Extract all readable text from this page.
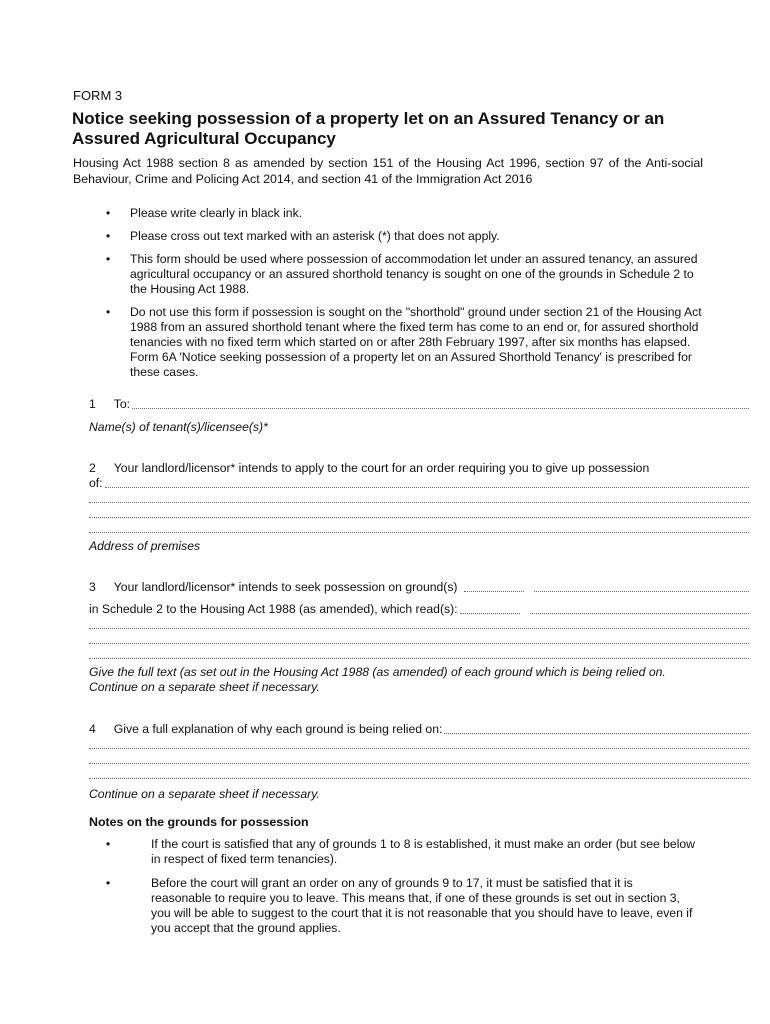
FORM 3
Notice seeking possession of a property let on an Assured Tenancy or an Assured Agricultural Occupancy

Housing Act 1988 section 8 as amended by section 151 of the Housing Act 1996, section 97 of the Anti-social Behaviour, Crime and Policing Act 2014, and section 41 of the Immigration Act 2016

• Please write clearly in black ink.
• Please cross out text marked with an asterisk (*) that does not apply.
• This form should be used where possession of accommodation let under an assured tenancy, an assured agricultural occupancy or an assured shorthold tenancy is sought on one of the grounds in Schedule 2 to the Housing Act 1988.
• Do not use this form if possession is sought on the "shorthold" ground under section 21 of the Housing Act 1988 from an assured shorthold tenant where the fixed term has come to an end or, for assured shorthold tenancies with no fixed term which started on or after 28th February 1997, after six months has elapsed. Form 6A 'Notice seeking possession of a property let on an Assured Shorthold Tenancy' is prescribed for these cases.
1 To:
Name(s) of tenant(s)/licensee(s)*
2 Your landlord/licensor* intends to apply to the court for an order requiring you to give up possession
of:
Address of premises
3 Your landlord/licensor* intends to seek possession on ground(s)
in Schedule 2 to the Housing Act 1988 (as amended), which read(s):
Give the full text (as set out in the Housing Act 1988 (as amended) of each ground which is being relied on. Continue on a separate sheet if necessary.
4 Give a full explanation of why each ground is being relied on:
Continue on a separate sheet if necessary.
Notes on the grounds for possession
•	If the court is satisfied that any of grounds 1 to 8 is established, it must make an order (but see below in respect of fixed term tenancies).
•	Before the court will grant an order on any of grounds 9 to 17, it must be satisfied that it is reasonable to require you to leave. This means that, if one of these grounds is set out in section 3, you will be able to suggest to the court that it is not reasonable that you should have to leave, even if you accept that the ground applies.
